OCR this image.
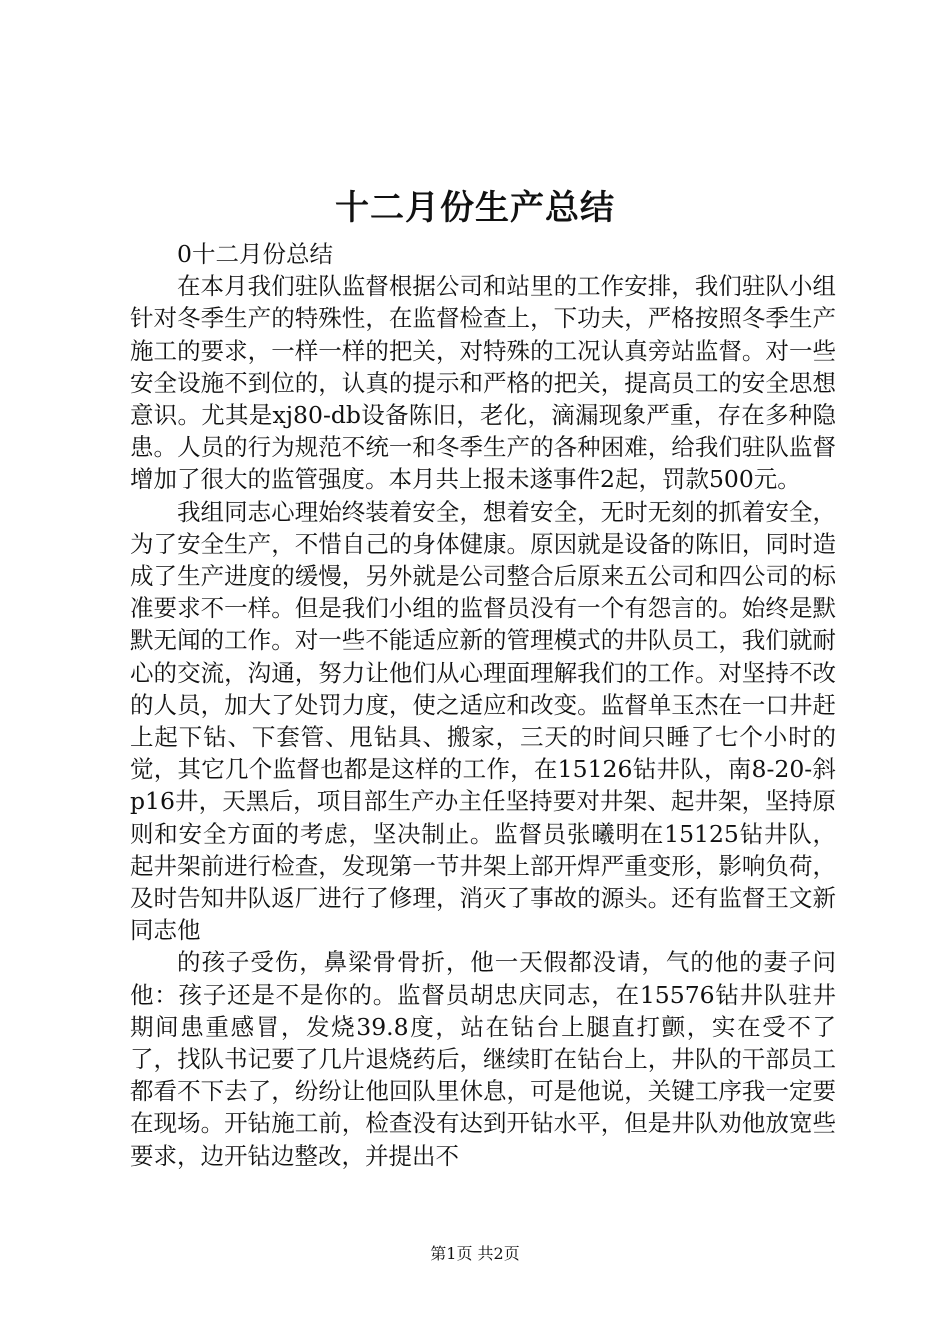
十二月份生产总结

0十二月份总结

在本月我们驻队监督根据公司和站里的工作安排，我们驻队小组针对冬季生产的特殊性，在监督检查上，下功夫，严格按照冬季生产施工的要求，一样一样的把关，对特殊的工况认真旁站监督。对一些安全设施不到位的，认真的提示和严格的把关，提高员工的安全思想意识。尤其是xj80-db设备陈旧，老化，滴漏现象严重，存在多种隐患。人员的行为规范不统一和冬季生产的各种困难，给我们驻队监督增加了很大的监管强度。本月共上报未遂事件2起，罚款500元。

我组同志心理始终装着安全，想着安全，无时无刻的抓着安全，为了安全生产，不惜自己的身体健康。原因就是设备的陈旧，同时造成了生产进度的缓慢，另外就是公司整合后原来五公司和四公司的标准要求不一样。但是我们小组的监督员没有一个有怨言的。始终是默默无闻的工作。对一些不能适应新的管理模式的井队员工，我们就耐心的交流，沟通，努力让他们从心理面理解我们的工作。对坚持不改的人员，加大了处罚力度，使之适应和改变。监督单玉杰在一口井赶上起下钻、下套管、甩钻具、搬家，三天的时间只睡了七个小时的觉，其它几个监督也都是这样的工作，在15126钻井队，南8-20-斜p16井，天黑后，项目部生产办主任坚持要对井架、起井架，坚持原则和安全方面的考虑，坚决制止。监督员张曦明在15125钻井队，起井架前进行检查，发现第一节井架上部开焊严重变形，影响负荷，及时告知井队返厂进行了修理，消灭了事故的源头。还有监督王文新同志他

的孩子受伤，鼻梁骨骨折，他一天假都没请，气的他的妻子问他：孩子还是不是你的。监督员胡忠庆同志，在15576钻井队驻井期间患重感冒，发烧39.8度，站在钻台上腿直打颤，实在受不了了，找队书记要了几片退烧药后，继续盯在钻台上，井队的干部员工都看不下去了，纷纷让他回队里休息，可是他说，关键工序我一定要在现场。开钻施工前，检查没有达到开钻水平，但是井队劝他放宽些要求，边开钻边整改，并提出不

第1页 共2页
